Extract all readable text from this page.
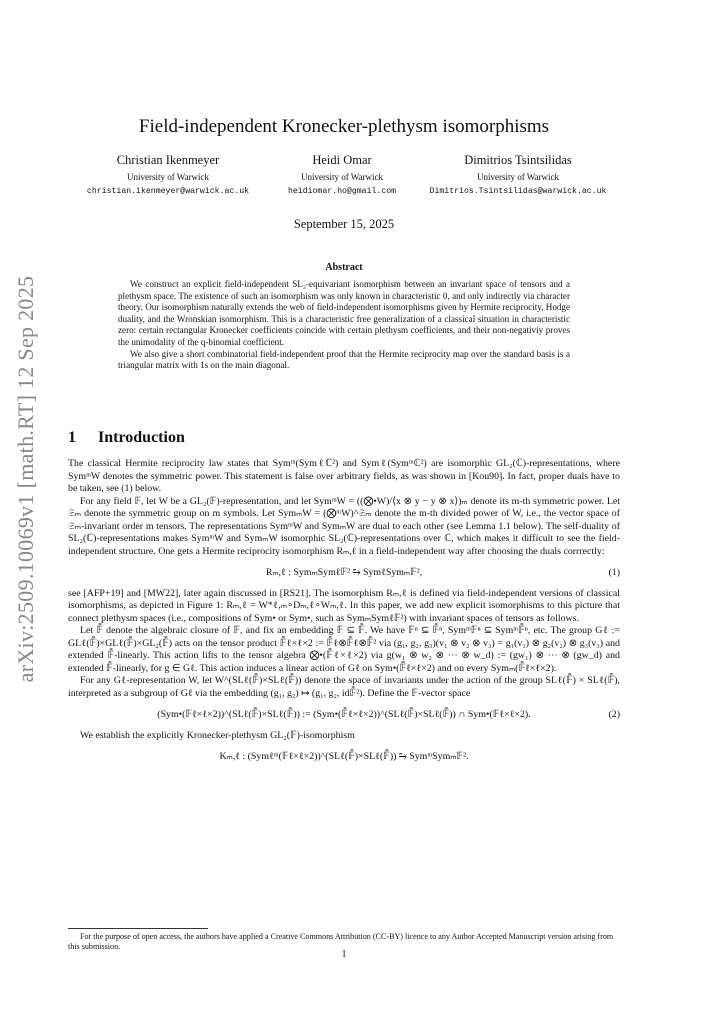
arXiv:2509.10069v1 [math.RT] 12 Sep 2025
Field-independent Kronecker-plethysm isomorphisms
Christian Ikenmeyer
University of Warwick
christian.ikenmeyer@warwick.ac.uk
Heidi Omar
University of Warwick
heidiomar.ho@gmail.com
Dimitrios Tsintsilidas
University of Warwick
Dimitrios.Tsintsilidas@warwick.ac.uk
September 15, 2025
Abstract

We construct an explicit field-independent SL₂-equivariant isomorphism between an invariant space of tensors and a plethysm space. The existence of such an isomorphism was only known in characteristic 0, and only indirectly via character theory. Our isomorphism naturally extends the web of field-independent isomorphisms given by Hermite reciprocity, Hodge duality, and the Wronskian isomorphism. This is a characteristic free generalization of a classical situation in characteristic zero: certain rectangular Kronecker coefficients coincide with certain plethysm coefficients, and their non-negativiy proves the unimodality of the q-binomial coefficient.

We also give a short combinatorial field-independent proof that the Hermite reciprocity map over the standard basis is a triangular matrix with 1s on the main diagonal.

1 Introduction

The classical Hermite reciprocity law states that Symᵐ(Symℓℂ²) and Symℓ(Symᵐℂ²) are isomorphic GL₂(ℂ)-representations, where SymᵐW denotes the symmetric power. This statement is false over arbitrary fields, as was shown in [Kou90]. In fact, proper duals have to be taken, see (1) below.

For any field 𝔽, let W be a GL₂(𝔽)-representation, and let SymᵐW = ((⨂•W)/⟨x ⊗ y − y ⊗ x⟩)ₘ denote its m-th symmetric power. Let 𝔖ₘ denote the symmetric group on m symbols. Let SymₘW = (⨂ᵐW)^𝔖ₘ denote the m-th divided power of W, i.e., the vector space of 𝔖ₘ-invariant order m tensors. The representations SymᵐW and SymₘW are dual to each other (see Lemma 1.1 below). The self-duality of SL₂(ℂ)-representations makes SymᵐW and SymₘW isomorphic SL₂(ℂ)-representations over ℂ, which makes it difficult to see the field-independent structure. One gets a Hermite reciprocity isomorphism Rₘ,ℓ in a field-independent way after choosing the duals corrrectly:

Rₘ,ℓ : SymₘSymℓ𝔽² ⥲ SymℓSymₘ𝔽²,	(1)

see [AFP+19] and [MW22], later again discussed in [RS21]. The isomorphism Rₘ,ℓ is defined via field-independent versions of classical isomorphisms, as depicted in Figure 1: Rₘ,ℓ = W*ℓ,ₘ∘Dₘ,ℓ∘Wₘ,ℓ. In this paper, we add new explicit isomorphisms to this picture that connect plethysm spaces (i.e., compositions of Sym• or Sym•, such as SymₘSymℓ𝔽²) with invariant spaces of tensors as follows.

Let 𝔽̄ denote the algebraic closure of 𝔽, and fix an embedding 𝔽 ⊆ 𝔽̄. We have 𝔽ⁿ ⊆ 𝔽̄ⁿ, Symᵐ𝔽ⁿ ⊆ Symᵐ𝔽̄ⁿ, etc. The group Gℓ := GLℓ(𝔽̄)×GLℓ(𝔽̄)×GL₂(𝔽̄) acts on the tensor product 𝔽̄ℓ×ℓ×2 := 𝔽̄ℓ⊗𝔽̄ℓ⊗𝔽̄² via (g₁, g₂, g₃)(v₁ ⊗ v₂ ⊗ v₃) = g₁(v₁) ⊗ g₂(v₂) ⊗ g₃(v₃) and extended 𝔽̄-linearly. This action lifts to the tensor algebra ⨂•(𝔽̄ℓ×ℓ×2) via g(w₁ ⊗ w₂ ⊗ ⋯ ⊗ w_d) := (gw₁) ⊗ ⋯ ⊗ (gw_d) and extended 𝔽̄-linearly, for g ∈ Gℓ. This action induces a linear action of Gℓ on Sym•(𝔽̄ℓ×ℓ×2) and on every Symₘ(𝔽̄ℓ×ℓ×2).

For any Gℓ-representation W, let W^(SLℓ(𝔽̄)×SLℓ(𝔽̄)) denote the space of invariants under the action of the group SLℓ(𝔽̄) × SLℓ(𝔽̄), interpreted as a subgroup of Gℓ via the embedding (g₁, g₂) ↦ (g₁, g₂, id𝔽̄²). Define the 𝔽-vector space

(Sym•(𝔽ℓ×ℓ×2))^(SLℓ(𝔽̄)×SLℓ(𝔽̄)) := (Sym•(𝔽̄ℓ×ℓ×2))^(SLℓ(𝔽̄)×SLℓ(𝔽̄)) ∩ Sym•(𝔽ℓ×ℓ×2).	(2)

We establish the explicitly Kronecker-plethysm GL₂(𝔽)-isomorphism

Kₘ,ℓ : (Symℓᵐ(𝔽ℓ×ℓ×2))^(SLℓ(𝔽̄)×SLℓ(𝔽̄)) ⥲ SymᵐSymₘ𝔽².

For the purpose of open access, the authors have applied a Creative Commons Attribution (CC-BY) licence to any Author Accepted Manuscript version arising from this submission.

1
